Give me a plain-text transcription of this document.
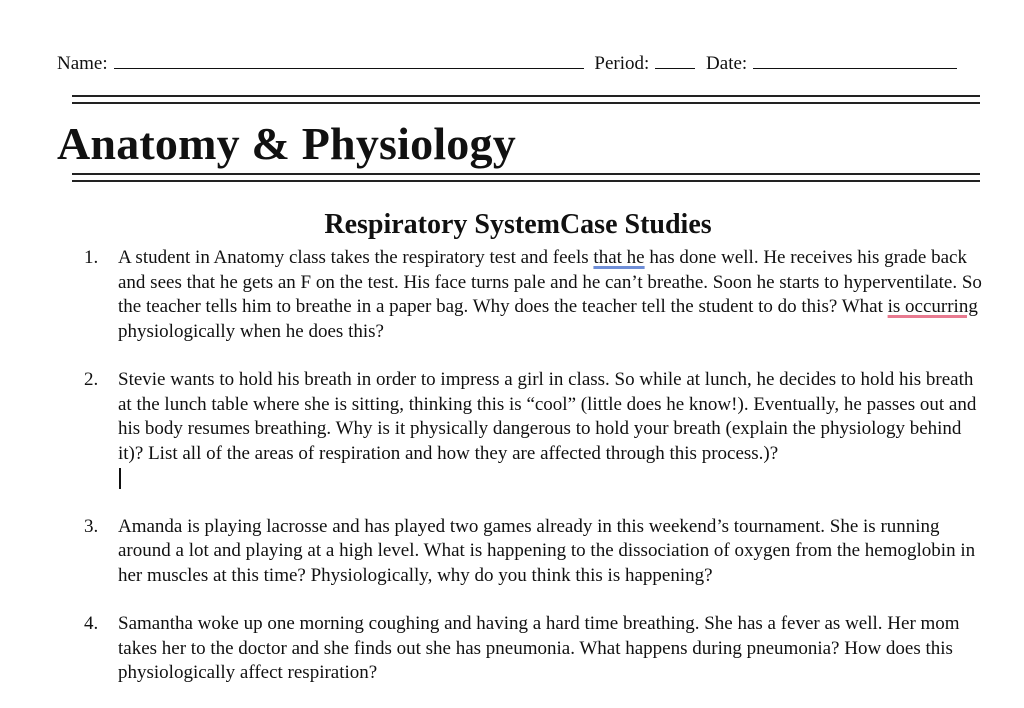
Name:	Period:	Date:
Anatomy & Physiology
Respiratory SystemCase Studies
1. A student in Anatomy class takes the respiratory test and feels that he has done well. He receives his grade back and sees that he gets an F on the test. His face turns pale and he can’t breathe. Soon he starts to hyperventilate. So the teacher tells him to breathe in a paper bag. Why does the teacher tell the student to do this? What is occurring physiologically when he does this?
2. Stevie wants to hold his breath in order to impress a girl in class. So while at lunch, he decides to hold his breath at the lunch table where she is sitting, thinking this is “cool” (little does he know!). Eventually, he passes out and his body resumes breathing. Why is it physically dangerous to hold your breath (explain the physiology behind it)? List all of the areas of respiration and how they are affected through this process.)?
3. Amanda is playing lacrosse and has played two games already in this weekend’s tournament. She is running around a lot and playing at a high level. What is happening to the dissociation of oxygen from the hemoglobin in her muscles at this time? Physiologically, why do you think this is happening?
4. Samantha woke up one morning coughing and having a hard time breathing. She has a fever as well. Her mom takes her to the doctor and she finds out she has pneumonia. What happens during pneumonia? How does this physiologically affect respiration?
